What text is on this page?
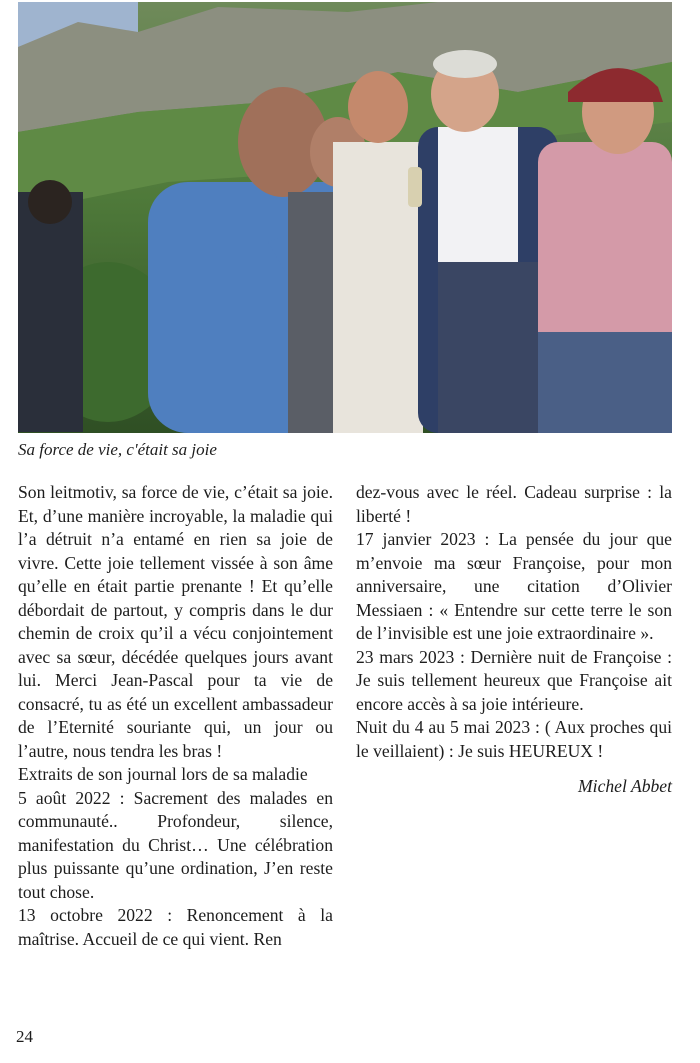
Sa force de vie, c'était sa joie

Son leitmotiv, sa force de vie, c’était sa joie. Et, d’une manière incroyable, la maladie qui l’a détruit n’a entamé en rien sa joie de vivre. Cette joie tellement vissée à son âme qu’elle en était partie prenante ! Et qu’elle débordait de partout, y compris dans le dur chemin de croix qu’il a vécu conjointement avec sa sœur, décédée quelques jours avant lui. Merci Jean-Pascal pour ta vie de consacré, tu as été un excellent ambassadeur de l’Eternité souriante qui, un jour ou l’autre, nous tendra les bras !

Extraits de son journal lors de sa maladie

5 août 2022 : Sacrement des malades en communauté.. Profondeur, silence, manifestation du Christ… Une célébration plus puissante qu’une ordination, J’en reste tout chose.

13 octobre 2022 : Renoncement à la maîtrise. Accueil de ce qui vient. Ren

dez-vous avec le réel. Cadeau surprise : la liberté !

17 janvier 2023 : La pensée du jour que m’envoie ma sœur Françoise, pour mon anniversaire, une citation d’Olivier Messiaen : « Entendre sur cette terre le son de l’invisible est une joie extraordinaire ».

23 mars 2023 : Dernière nuit de Françoise : Je suis tellement heureux que Françoise ait encore accès à sa joie intérieure.

Nuit du 4 au 5 mai 2023 : ( Aux proches qui le veillaient) : Je suis HEUREUX !

Michel Abbet

24
